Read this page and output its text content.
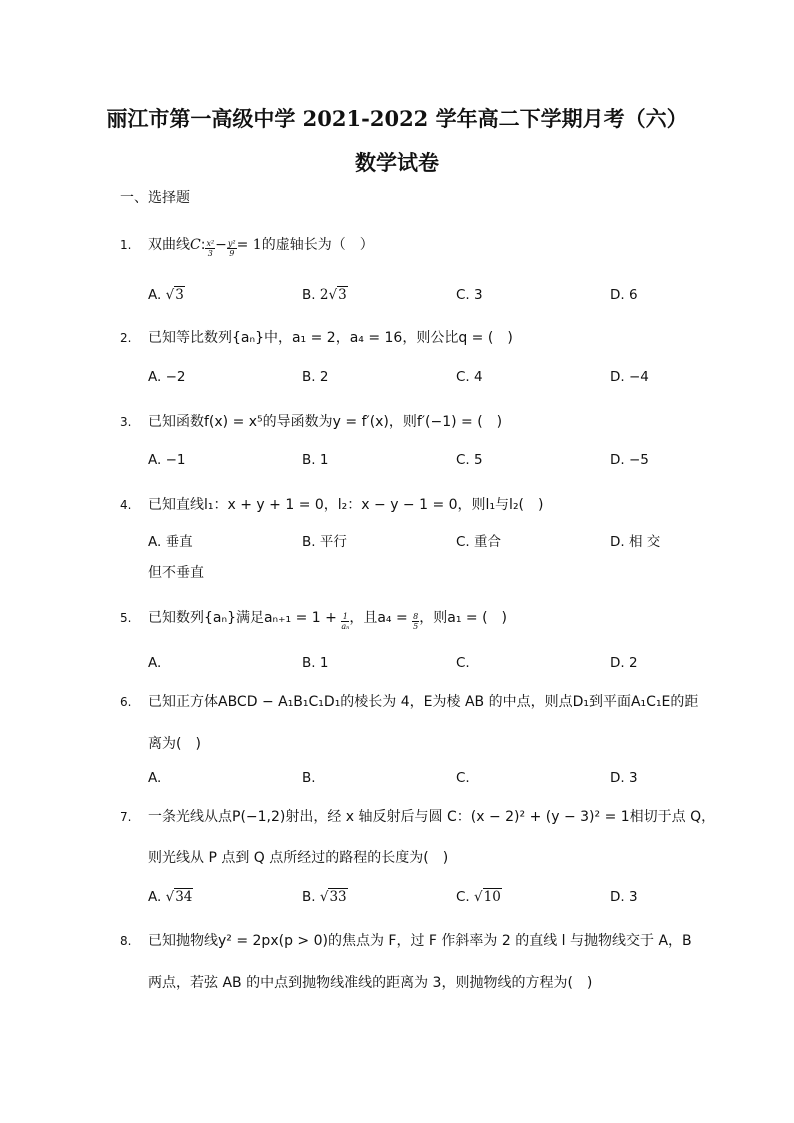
丽江市第一高级中学 2021-2022 学年高二下学期月考（六）
数学试卷
一、选择题
1. 双曲线C: $\frac{\text{x²}}{3} - \frac{\text{y²}}{9} = 1$的虚轴长为（　）
A. √3	B. 2√3	C. 3	D. 6
2. 已知等比数列{aₙ}中，a₁ = 2，a₄ = 16，则公比q = (　)
A. −2	B. 2	C. 4	D. −4
3. 已知函数f(x) = x⁵的导函数为y = f′(x)，则f′(−1) = (　)
A. −1	B. 1	C. 5	D. −5
4. 已知直线l₁：x + y + 1 = 0，l₂：x − y − 1 = 0，则l₁与l₂(　)
A. 垂直	B. 平行	C. 重合	D. 相 交
但不垂直
5. 已知数列{aₙ}满足$a_{n+1} = 1 + \frac{1}{\text{aₙ}}$ ，且$a_4 = \frac{8}{5}$ ，则a₁ = (　)
A.	B. 1	C.	D. 2
6. 已知正方体ABCD − A₁B₁C₁D₁的棱长为 4，E为棱 AB 的中点，则点D₁到平面A₁C₁E的距
离为(　)
A.	B.	C.	D. 3
7. 一条光线从点P(−1,2)射出，经 x 轴反射后与圆 C：(x − 2)² + (y − 3)² = 1相切于点 Q，
则光线从 P 点到 Q 点所经过的路程的长度为(　)
A. √34	B. √33	C. √10	D. 3
8. 已知抛物线y² = 2px(p > 0)的焦点为 F，过 F 作斜率为 2 的直线 l 与抛物线交于 A，B
两点，若弦 AB 的中点到抛物线准线的距离为 3，则抛物线的方程为(　)
